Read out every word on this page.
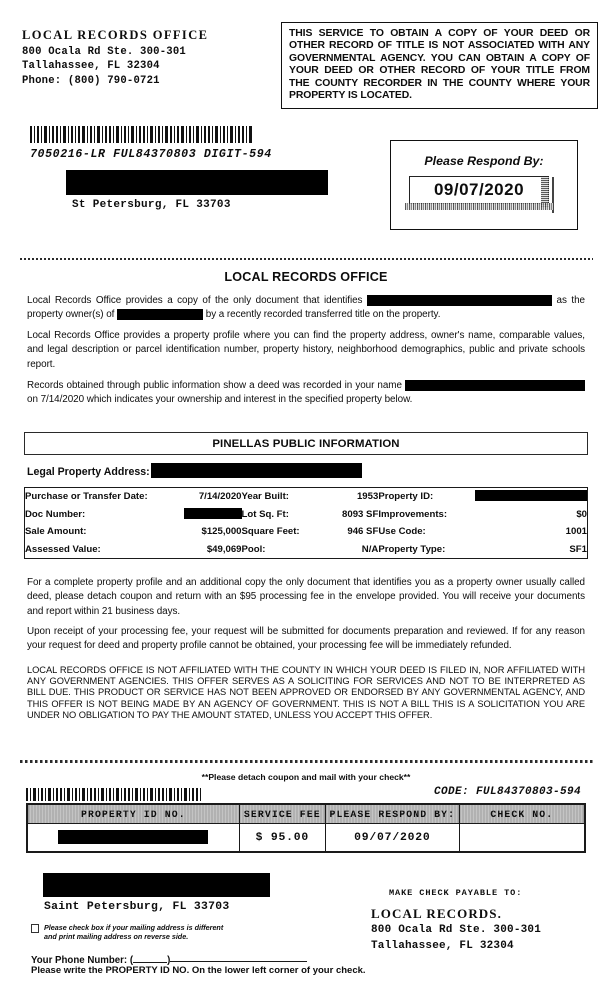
LOCAL RECORDS OFFICE
800 Ocala Rd Ste. 300-301
Tallahassee, FL 32304
Phone: (800) 790-0721
THIS SERVICE TO OBTAIN A COPY OF YOUR DEED OR OTHER RECORD OF TITLE IS NOT ASSOCIATED WITH ANY GOVERNMENTAL AGENCY. YOU CAN OBTAIN A COPY OF YOUR DEED OR OTHER RECORD OF YOUR TITLE FROM THE COUNTY RECORDER IN THE COUNTY WHERE YOUR PROPERTY IS LOCATED.
7050216-LR FUL84370803 DIGIT-594
St Petersburg, FL 33703
Please Respond By:
09/07/2020
LOCAL RECORDS OFFICE
Local Records Office provides a copy of the only document that identifies	as the property owner(s) of	by a recently recorded transferred title on the property.
Local Records Office provides a property profile where you can find the property address, owner's name, comparable values, and legal description or parcel identification number, property history, neighborhood demographics, public and private schools report.
Records obtained through public information show a deed was recorded in your name  on 7/14/2020 which indicates your ownership and interest in the specified property below.
PINELLAS PUBLIC INFORMATION
Legal Property Address:
Purchase or Transfer Date:	7/14/2020	Year Built:	1953	Property ID:	
Doc Number:		Lot Sq. Ft:	8093 SF	Improvements:	$0
Sale Amount:	$125,000	Square Feet:	946 SF	Use Code:	1001
Assessed Value:	$49,069	Pool:	N/A	Property Type:	SF1
For a complete property profile and an additional copy the only document that identifies you as a property owner usually called deed, please detach coupon and return with an $95 processing fee in the envelope provided. You will receive your documents and report within 21 business days.
Upon receipt of your processing fee, your request will be submitted for documents preparation and reviewed. If for any reason your request for deed and property profile cannot be obtained, your processing fee will be immediately refunded.
LOCAL RECORDS OFFICE IS NOT AFFILIATED WITH THE COUNTY IN WHICH YOUR DEED IS FILED IN, NOR AFFILIATED WITH ANY GOVERNMENT AGENCIES. THIS OFFER SERVES AS A SOLICITING FOR SERVICES AND NOT TO BE INTERPRETED AS BILL DUE. THIS PRODUCT OR SERVICE HAS NOT BEEN APPROVED OR ENDORSED BY ANY GOVERNMENTAL AGENCY, AND THIS OFFER IS NOT BEING MADE BY AN AGENCY OF GOVERNMENT. THIS IS NOT A BILL THIS IS A SOLICITATION YOU ARE UNDER NO OBLIGATION TO PAY THE AMOUNT STATED, UNLESS YOU ACCEPT THIS OFFER.
**Please detach coupon and mail with your check**
CODE: FUL84370803-594
PROPERTY ID NO.	SERVICE FEE	PLEASE RESPOND BY:	CHECK NO.
	$ 95.00	09/07/2020	
Saint Petersburg, FL 33703
Please check box if your mailing address is different
and print mailing address on reverse side.
Your Phone Number: (	)
Please write the PROPERTY ID NO. On the lower left corner of your check.
MAKE CHECK PAYABLE TO:
LOCAL RECORDS.
800 Ocala Rd Ste. 300-301
Tallahassee, FL 32304
